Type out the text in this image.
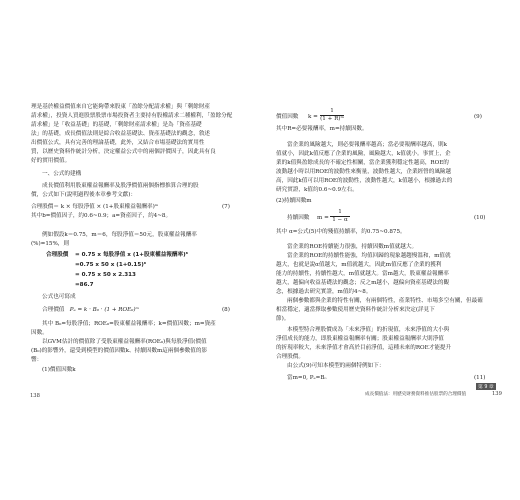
理是基於權益價值來自它能夠帶來股東「盈餘分配請求權」與「剩餘財產
請求權」，投資人買進股票股票市場投資者主要持有股權請求二種權利，「盈餘分配
請求權」是「收益基礎」的基礎，「剩餘財產請求權」是為「資產基礎
法」的基礎，成長價值法則是綜合收益基礎法、資產基礎法的觀念，敘述
出價值公式，具有完善的理論基礎，此外，又結合市場基礎法的實用性
質，以歷史資料作統計分析，決定權益公式中的兩個評價因子，因此具有良
好的實用價值。
一、公式的建構
成長價值利用股東權益報酬率及股淨價值兩個指標推算合理的股
價，公式如下(說明過程後本章參考文獻)：
合理股價＝ k × 每股淨值 × (1+股東權益報酬率)ᵐ	(7)
其中b=價值因子，約0.6~0.9；a=資產因子，約4~8。
例如假設k＝0.75，m＝6，每股淨值＝50元，股東權益報酬率
(%)=15%，則
合理股價 = 0.75 x 每股淨值 x (1+股東權益報酬率)⁶
=0.75 x 50 x (1+0.15)⁶
= 0.75 x 50 x 2.313
=86.7
公式也可寫成
合理價值 Pₑ = k · B₀ · (1 + ROE₀)ᵐ	(8)
其中 B₀=每股淨值；ROE₀=股東權益報酬率；k=價值因數；m=資產
因數。
以GVM估計的價值除了受股東權益報酬率(ROE₀)與每股淨值(價值
(B₀)的影響外，還受到模型的價值因數k、持續因數m這兩個參數值的影
響：
(1)價值因數k
138
價值因數 $k = \frac{1}{\text{(1 + R)ᵐ}}$	(9)
其中R=必要報酬率，m=持續因數。
當企業的風險越大，則必要報酬率越高；當必要報酬率越高，則k
值就小，因此k值反應了企業的風險，風險越大，k值就小。事實上，企
業的k值與盈餘成長的不確定性相關，當企業獲利穩定性越高，ROE的
波動越小時以用ROE的波動性來衡量，波動性越大，企業經營的風險越
高，因此k值可以用ROE的波動性，波動性越大，k值越小，根據過去的
研究實證，k值約0.6~0.9左右。
(2)持續因數m
持續因數 $m = \frac{1}{1 - \alpha}$	(10)
其中 α=公式(5)中的殘值持續率，約0.75~0.875。
當企業的ROE持續能力很強，持續因數m值就越大。
當企業的ROE的持續性能強，均值回歸的現象越趨慢溫和，m值就
越大，也就是說α值越大，m值就越大，因此m值反應了企業的獲利
能力的持續性，持續性越大，m值就越大。當m越大，股東權益報酬率
越大，越偏向收益基礎法的觀念；反之m越小，越偏向資產基礎法的觀
念，根據過去研究實證，m值約4~8。
兩個參數都與企業的特性有關，有兩個特性，產業特性、市場多空有關，但最確
相當穩定，適當擇取參數使用歷史資料作統計分析來決定(詳見下
節)。
本模型特合理股價成為「未來淨值」的折現值，未來淨值的大小與
淨值成長的能力，即股東權益報酬率有關；股東權益報酬率大則淨值
的折現率較大，未來淨值才會高於目前淨值，這種未來的ROE才能提升
合理股價。
由公式(9)可知本模型的兩個特例如下：
當m=0, Pₑ=Bₒ	(11)
第 9 章
成長價值法：用歷史財務資料推估股票的合理價值	139
